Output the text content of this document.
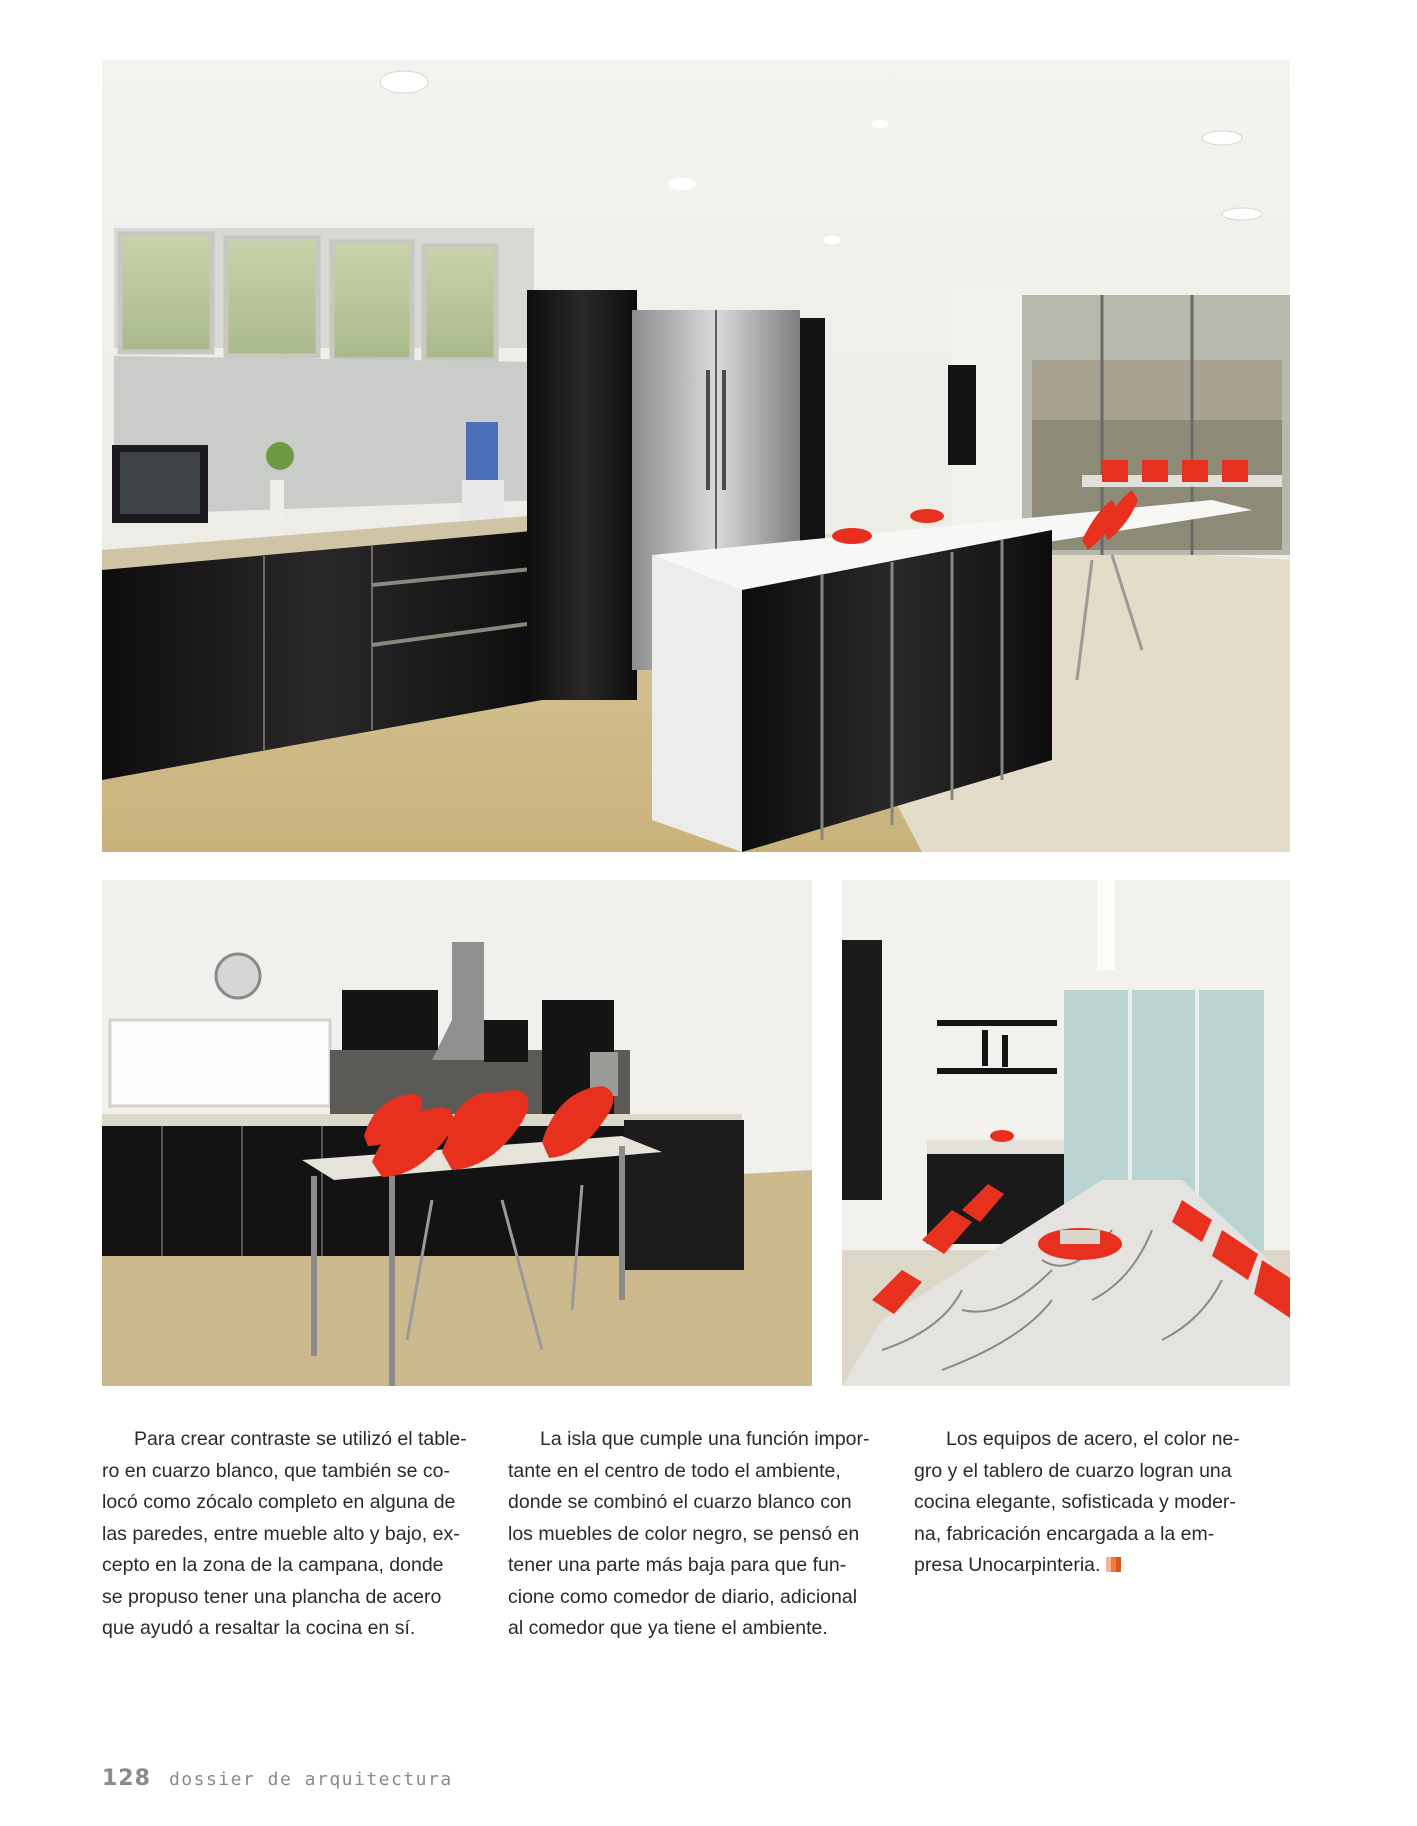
Para crear contraste se utilizó el table-
ro en cuarzo blanco, que también se co-
locó como zócalo completo en alguna de
las paredes, entre mueble alto y bajo, ex-
cepto en la zona de la campana, donde
se propuso tener una plancha de acero
que ayudó a resaltar la cocina en sí.

La isla que cumple una función impor-
tante en el centro de todo el ambiente,
donde se combinó el cuarzo blanco con
los muebles de color negro, se pensó en
tener una parte más baja para que fun-
cione como comedor de diario, adicional
al comedor que ya tiene el ambiente.

Los equipos de acero, el color ne-
gro y el tablero de cuarzo logran una
cocina elegante, sofisticada y moder-
na, fabricación encargada a la em-
presa Unocarpinteria.

128 dossier de arquitectura
